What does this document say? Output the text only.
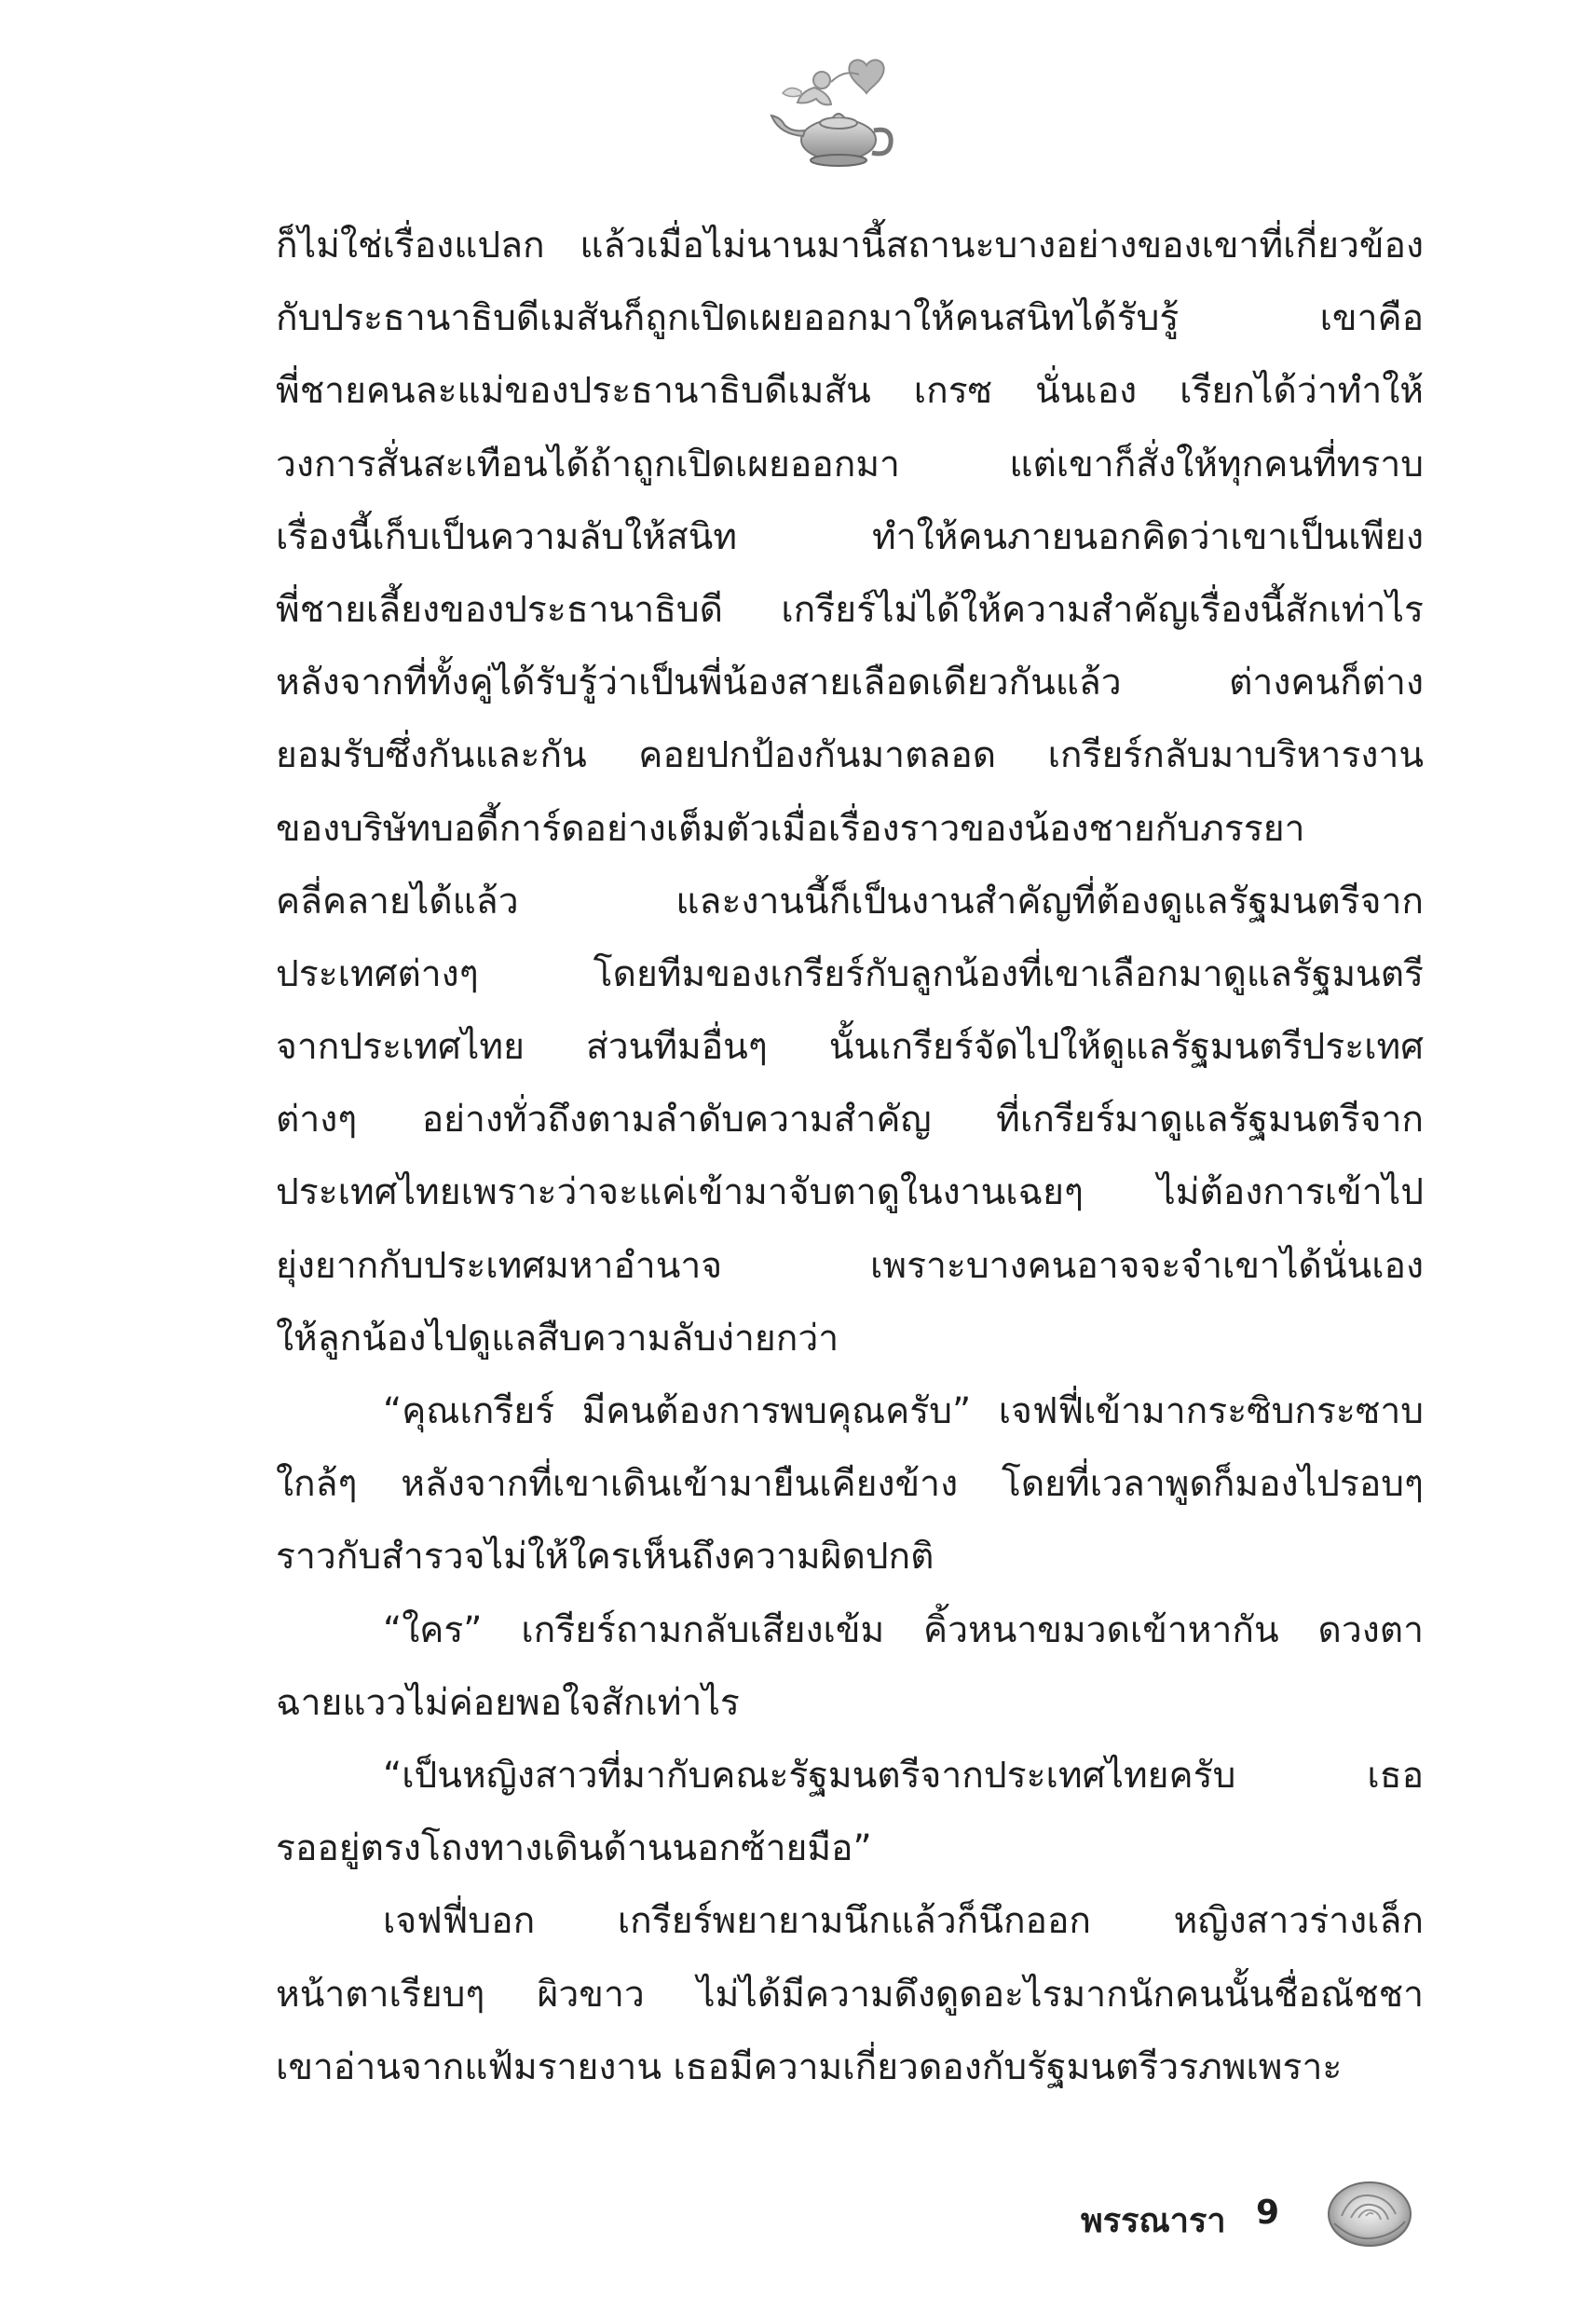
ก็ไม่ใช่เรื่องแปลก แล้วเมื่อไม่นานมานี้สถานะบางอย่างของเขาที่เกี่ยวข้อง
กับประธานาธิบดีเมสันก็ถูกเปิดเผยออกมาให้คนสนิทได้รับรู้ เขาคือ
พี่ชายคนละแม่ของประธานาธิบดีเมสัน เกรซ นั่นเอง เรียกได้ว่าทำให้
วงการสั่นสะเทือนได้ถ้าถูกเปิดเผยออกมา แต่เขาก็สั่งให้ทุกคนที่ทราบ
เรื่องนี้เก็บเป็นความลับให้สนิท ทำให้คนภายนอกคิดว่าเขาเป็นเพียง
พี่ชายเลี้ยงของประธานาธิบดี เกรียร์ไม่ได้ให้ความสำคัญเรื่องนี้สักเท่าไร
หลังจากที่ทั้งคู่ได้รับรู้ว่าเป็นพี่น้องสายเลือดเดียวกันแล้ว ต่างคนก็ต่าง
ยอมรับซึ่งกันและกัน คอยปกป้องกันมาตลอด เกรียร์กลับมาบริหารงาน
ของบริษัทบอดี้การ์ดอย่างเต็มตัวเมื่อเรื่องราวของน้องชายกับภรรยา
คลี่คลายได้แล้ว และงานนี้ก็เป็นงานสำคัญที่ต้องดูแลรัฐมนตรีจาก
ประเทศต่างๆ โดยทีมของเกรียร์กับลูกน้องที่เขาเลือกมาดูแลรัฐมนตรี
จากประเทศไทย ส่วนทีมอื่นๆ นั้นเกรียร์จัดไปให้ดูแลรัฐมนตรีประเทศ
ต่างๆ อย่างทั่วถึงตามลำดับความสำคัญ ที่เกรียร์มาดูแลรัฐมนตรีจาก
ประเทศไทยเพราะว่าจะแค่เข้ามาจับตาดูในงานเฉยๆ ไม่ต้องการเข้าไป
ยุ่งยากกับประเทศมหาอำนาจ เพราะบางคนอาจจะจำเขาได้นั่นเอง
ให้ลูกน้องไปดูแลสืบความลับง่ายกว่า
“คุณเกรียร์ มีคนต้องการพบคุณครับ” เจฟฟี่เข้ามากระซิบกระซาบ
ใกล้ๆ หลังจากที่เขาเดินเข้ามายืนเคียงข้าง โดยที่เวลาพูดก็มองไปรอบๆ
ราวกับสำรวจไม่ให้ใครเห็นถึงความผิดปกติ
“ใคร” เกรียร์ถามกลับเสียงเข้ม คิ้วหนาขมวดเข้าหากัน ดวงตา
ฉายแววไม่ค่อยพอใจสักเท่าไร
“เป็นหญิงสาวที่มากับคณะรัฐมนตรีจากประเทศไทยครับ เธอ
รออยู่ตรงโถงทางเดินด้านนอกซ้ายมือ”
เจฟฟี่บอก เกรียร์พยายามนึกแล้วก็นึกออก หญิงสาวร่างเล็ก
หน้าตาเรียบๆ ผิวขาว ไม่ได้มีความดึงดูดอะไรมากนักคนนั้นชื่อณัชชา
เขาอ่านจากแฟ้มรายงาน เธอมีความเกี่ยวดองกับรัฐมนตรีวรภพเพราะ
พรรณารา 9
